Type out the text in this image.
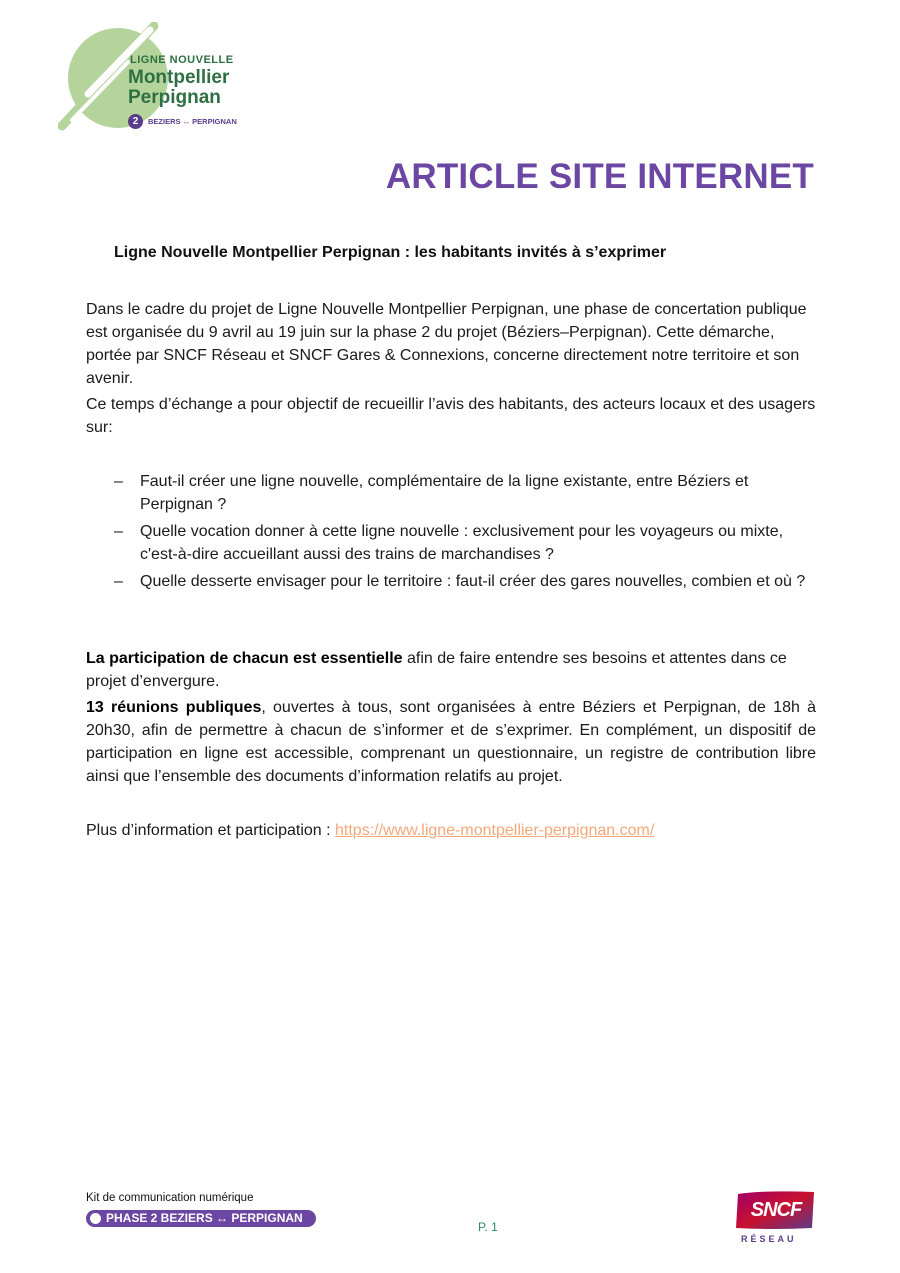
LIGNE NOUVELLE
Montpellier
Perpignan
2	BEZIERS ↔ PERPIGNAN
ARTICLE SITE INTERNET
Ligne Nouvelle Montpellier Perpignan : les habitants invités à s’exprimer

Dans le cadre du projet de Ligne Nouvelle Montpellier Perpignan, une phase de concertation publique est organisée du 9 avril au 19 juin sur la phase 2 du projet (Béziers–Perpignan). Cette démarche, portée par SNCF Réseau et SNCF Gares & Connexions, concerne directement notre territoire et son avenir.

Ce temps d’échange a pour objectif de recueillir l’avis des habitants, des acteurs locaux et des usagers sur:

– Faut-il créer une ligne nouvelle, complémentaire de la ligne existante, entre Béziers et Perpignan ?
– Quelle vocation donner à cette ligne nouvelle : exclusivement pour les voyageurs ou mixte, c'est-à-dire accueillant aussi des trains de marchandises ?
– Quelle desserte envisager pour le territoire : faut-il créer des gares nouvelles, combien et où ?

La participation de chacun est essentielle afin de faire entendre ses besoins et attentes dans ce projet d’envergure.

13 réunions publiques, ouvertes à tous, sont organisées à entre Béziers et Perpignan, de 18h à 20h30, afin de permettre à chacun de s’informer et de s’exprimer. En complément, un dispositif de participation en ligne est accessible, comprenant un questionnaire, un registre de contribution libre ainsi que l’ensemble des documents d’information relatifs au projet.

Plus d’information et participation : https://www.ligne-montpellier-perpignan.com/

Kit de communication numérique
PHASE 2 BEZIERS ↔ PERPIGNAN
P. 1
SNCF
RÉSEAU
